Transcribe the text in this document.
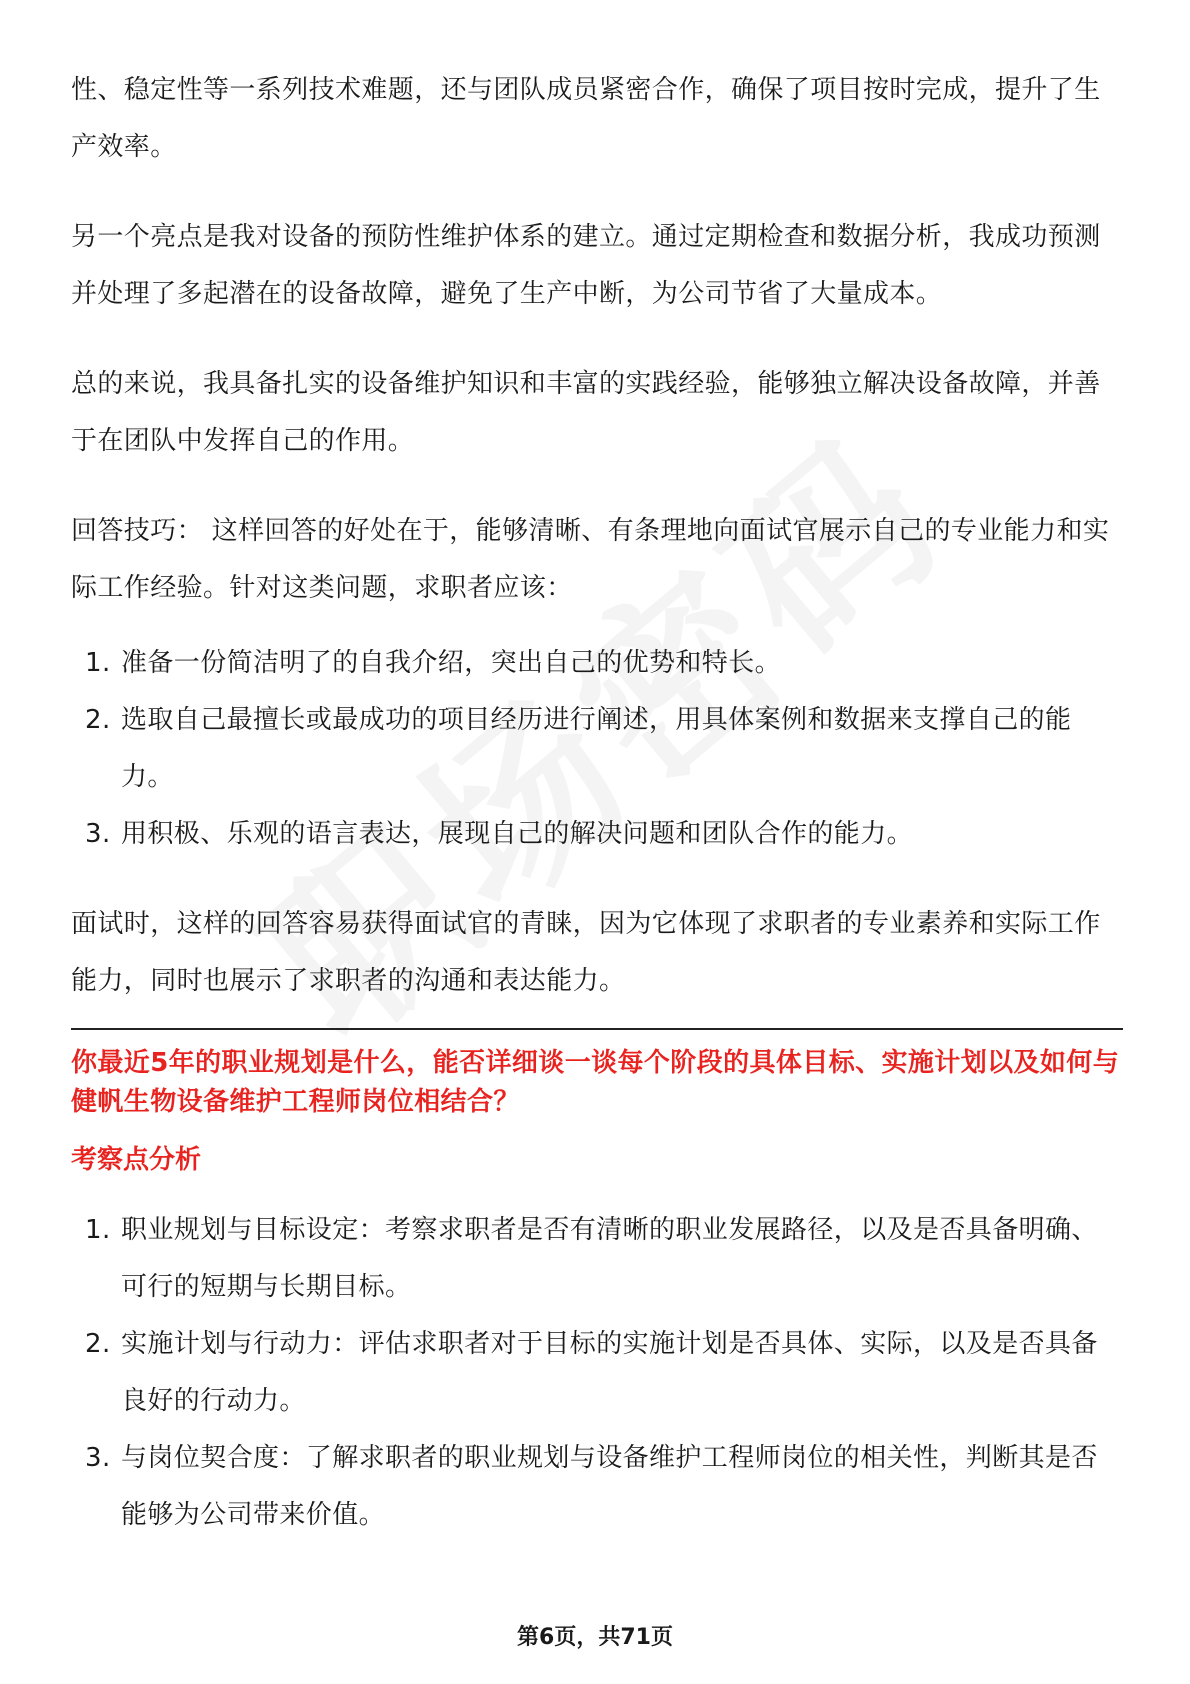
性、稳定性等一系列技术难题，还与团队成员紧密合作，确保了项目按时完成，提升了生产效率。

另一个亮点是我对设备的预防性维护体系的建立。通过定期检查和数据分析，我成功预测并处理了多起潜在的设备故障，避免了生产中断，为公司节省了大量成本。

总的来说，我具备扎实的设备维护知识和丰富的实践经验，能够独立解决设备故障，并善于在团队中发挥自己的作用。

回答技巧： 这样回答的好处在于，能够清晰、有条理地向面试官展示自己的专业能力和实际工作经验。针对这类问题，求职者应该：

1. 准备一份简洁明了的自我介绍，突出自己的优势和特长。
2. 选取自己最擅长或最成功的项目经历进行阐述，用具体案例和数据来支撑自己的能力。
3. 用积极、乐观的语言表达，展现自己的解决问题和团队合作的能力。

面试时，这样的回答容易获得面试官的青睐，因为它体现了求职者的专业素养和实际工作能力，同时也展示了求职者的沟通和表达能力。

你最近5年的职业规划是什么，能否详细谈一谈每个阶段的具体目标、实施计划以及如何与健帆生物设备维护工程师岗位相结合？

考察点分析

1. 职业规划与目标设定：考察求职者是否有清晰的职业发展路径，以及是否具备明确、可行的短期与长期目标。
2. 实施计划与行动力：评估求职者对于目标的实施计划是否具体、实际，以及是否具备良好的行动力。
3. 与岗位契合度：了解求职者的职业规划与设备维护工程师岗位的相关性，判断其是否能够为公司带来价值。
第6页，共71页
